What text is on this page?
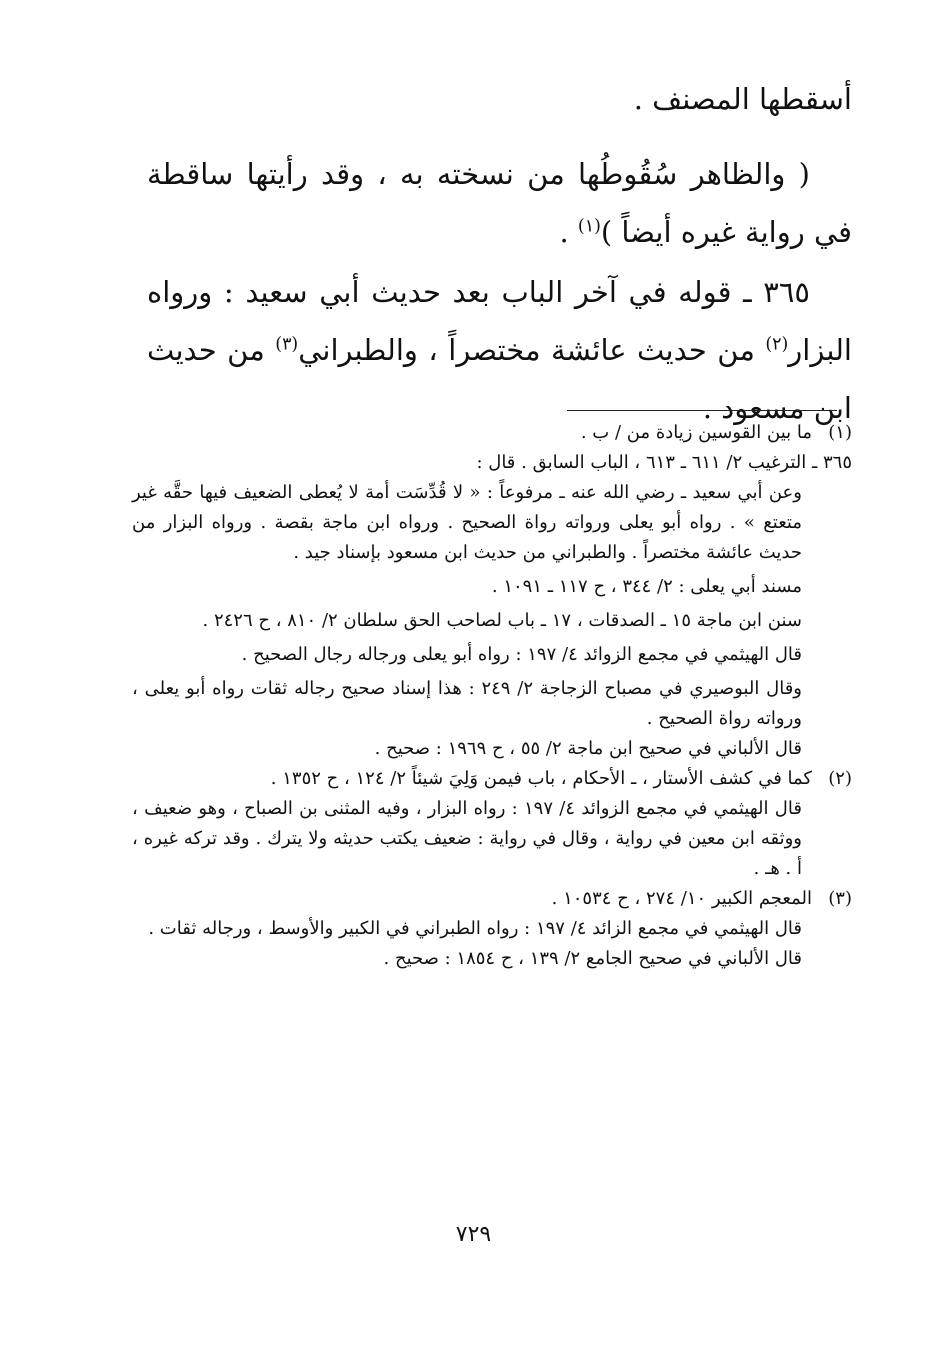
أسقطها المصنف .

( والظاهر سُقُوطُها من نسخته به ، وقد رأيتها ساقطة في رواية غيره أيضاً )$^{(١)}$ .

٣٦٥ ـ قوله في آخر الباب بعد حديث أبي سعيد : ورواه البزار$^{(٢)}$ من حديث عائشة مختصراً ، والطبراني$^{(٣)}$ من حديث ابن مسعود .

(١)
ما بين القوسين زيادة من / ب .

٣٦٥ ـ الترغيب ٢/ ٦١١ ـ ٦١٣ ، الباب السابق . قال :

وعن أبي سعيد ـ رضي الله عنه ـ مرفوعاً : « لا قُدِّسَت أمة لا يُعطى الضعيف فيها حقَّه غير متعتع » . رواه أبو يعلى ورواته رواة الصحيح . ورواه ابن ماجة بقصة . ورواه البزار من حديث عائشة مختصراً . والطبراني من حديث ابن مسعود بإسناد جيد .

مسند أبي يعلى : ٢/ ٣٤٤ ، ح ١١٧ ـ ١٠٩١ .

سنن ابن ماجة ١٥ ـ الصدقات ، ١٧ ـ باب لصاحب الحق سلطان ٢/ ٨١٠ ، ح ٢٤٢٦ .

قال الهيثمي في مجمع الزوائد ٤/ ١٩٧ : رواه أبو يعلى ورجاله رجال الصحيح .

وقال البوصيري في مصباح الزجاجة ٢/ ٢٤٩ : هذا إسناد صحيح رجاله ثقات رواه أبو يعلى ، ورواته رواة الصحيح .

قال الألباني في صحيح ابن ماجة ٢/ ٥٥ ، ح ١٩٦٩ : صحيح .

(٢)
كما في كشف الأستار ، ـ الأحكام ، باب فيمن وَلِيَ شيئاً ٢/ ١٢٤ ، ح ١٣٥٢ .

قال الهيثمي في مجمع الزوائد ٤/ ١٩٧ : رواه البزار ، وفيه المثنى بن الصباح ، وهو ضعيف ، ووثقه ابن معين في رواية ، وقال في رواية : ضعيف يكتب حديثه ولا يترك . وقد تركه غيره ، أ . هـ .

(٣)
المعجم الكبير ١٠/ ٢٧٤ ، ح ١٠٥٣٤ .

قال الهيثمي في مجمع الزائد ٤/ ١٩٧ : رواه الطبراني في الكبير والأوسط ، ورجاله ثقات .

قال الألباني في صحيح الجامع ٢/ ١٣٩ ، ح ١٨٥٤ : صحيح .

٧٢٩
